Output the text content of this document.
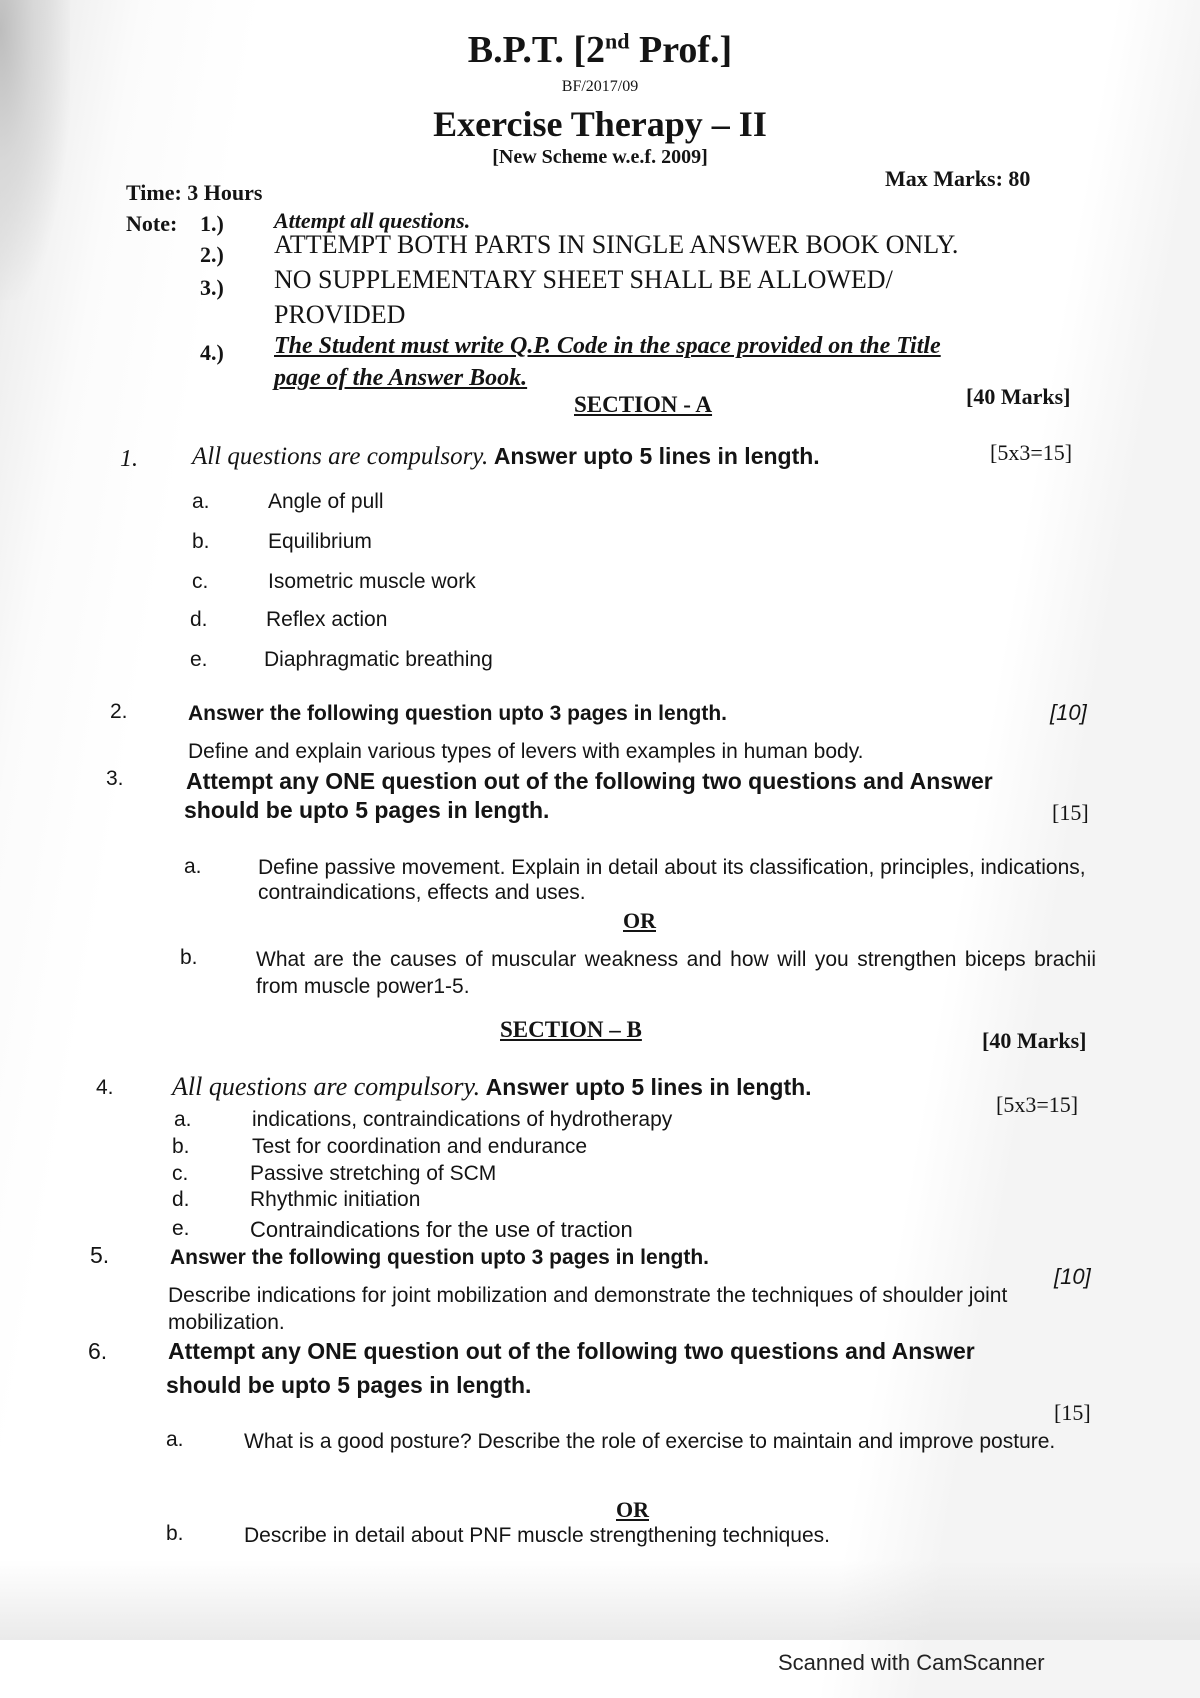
B.P.T. [2nd Prof.]
BF/2017/09
Exercise Therapy – II
[New Scheme w.e.f. 2009]
Time: 3 Hours
Max Marks: 80
Note: 1.) Attempt all questions.
2.) ATTEMPT BOTH PARTS IN SINGLE ANSWER BOOK ONLY.
3.) NO SUPPLEMENTARY SHEET SHALL BE ALLOWED/
PROVIDED
4.) The Student must write Q.P. Code in the space provided on the Title
page of the Answer Book.
SECTION - A	[40 Marks]
1. All questions are compulsory. Answer upto 5 lines in length.	[5x3=15]
a.	Angle of pull
b.	Equilibrium
c.	Isometric muscle work
d.	Reflex action
e.	Diaphragmatic breathing
2.	Answer the following question upto 3 pages in length.	[10]
Define and explain various types of levers with examples in human body.
3.	Attempt any ONE question out of the following two questions and Answer
should be upto 5 pages in length.	[15]
a.	Define passive movement. Explain in detail about its classification, principles, indications, contraindications, effects and uses.
OR
b.	What are the causes of muscular weakness and how will you strengthen biceps brachii from muscle power1-5.
SECTION – B	[40 Marks]
4. All questions are compulsory. Answer upto 5 lines in length.
[5x3=15]
a.	indications, contraindications of hydrotherapy
b.	Test for coordination and endurance
c.	Passive stretching of SCM
d.	Rhythmic initiation
e.	Contraindications for the use of traction
5.	Answer the following question upto 3 pages in length.
[10]
Describe indications for joint mobilization and demonstrate the techniques of shoulder joint mobilization.
6.	Attempt any ONE question out of the following two questions and Answer
should be upto 5 pages in length.
[15]
a.	What is a good posture? Describe the role of exercise to maintain and improve posture.
OR
b.	Describe in detail about PNF muscle strengthening techniques.
Scanned with CamScanner
